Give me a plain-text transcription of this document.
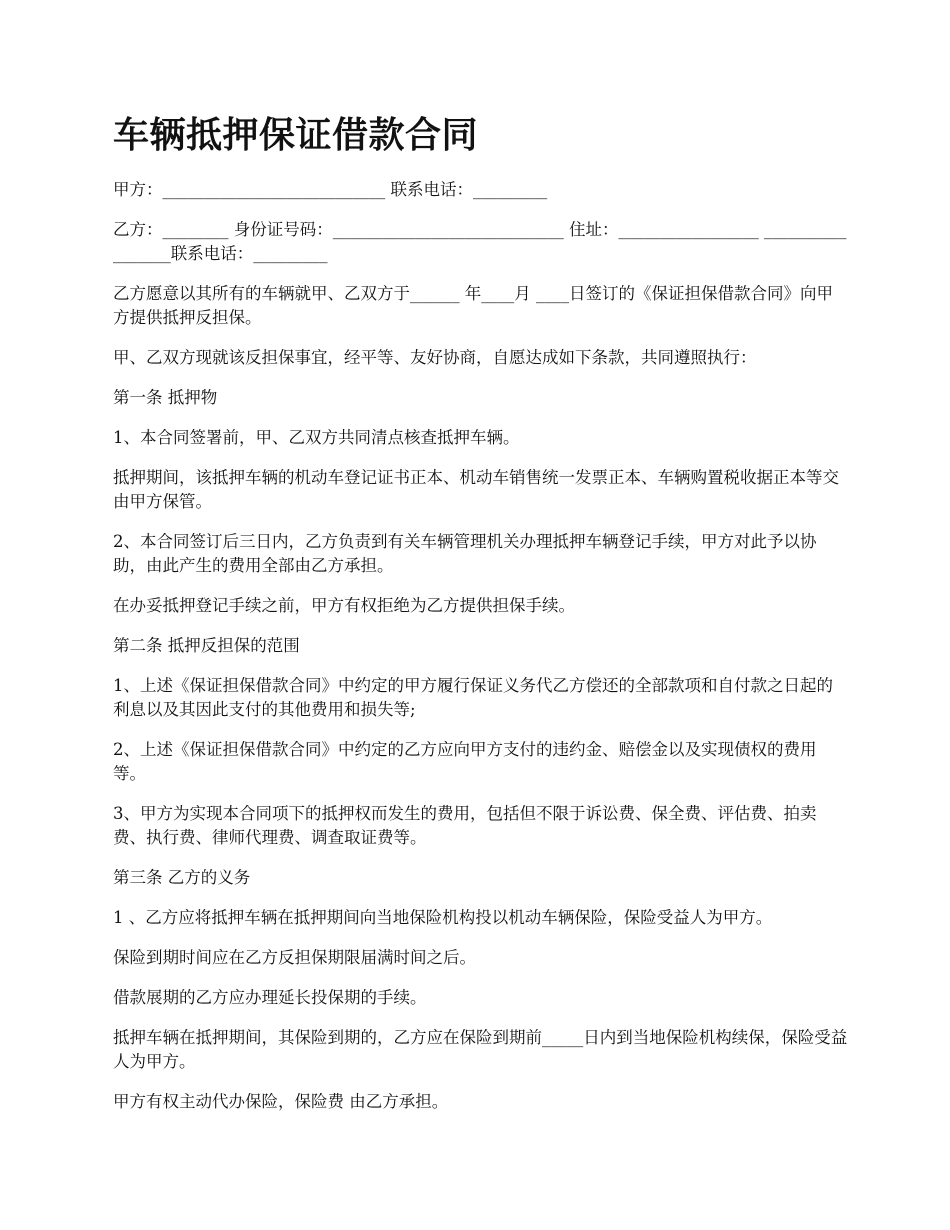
车辆抵押保证借款合同

甲方：___________________________ 联系电话：_________

乙方：________ 身份证号码：____________________________ 住址：_________________ _________________联系电话：_________

乙方愿意以其所有的车辆就甲、乙双方于______ 年____月 ____日签订的《保证担保借款合同》向甲方提供抵押反担保。

甲、乙双方现就该反担保事宜，经平等、友好协商，自愿达成如下条款，共同遵照执行：

第一条 抵押物

1、本合同签署前，甲、乙双方共同清点核查抵押车辆。

抵押期间，该抵押车辆的机动车登记证书正本、机动车销售统一发票正本、车辆购置税收据正本等交由甲方保管。

2、本合同签订后三日内，乙方负责到有关车辆管理机关办理抵押车辆登记手续，甲方对此予以协助，由此产生的费用全部由乙方承担。

在办妥抵押登记手续之前，甲方有权拒绝为乙方提供担保手续。

第二条 抵押反担保的范围

1、上述《保证担保借款合同》中约定的甲方履行保证义务代乙方偿还的全部款项和自付款之日起的利息以及其因此支付的其他费用和损失等;

2、上述《保证担保借款合同》中约定的乙方应向甲方支付的违约金、赔偿金以及实现债权的费用等。

3、甲方为实现本合同项下的抵押权而发生的费用，包括但不限于诉讼费、保全费、评估费、拍卖费、执行费、律师代理费、调查取证费等。

第三条 乙方的义务

1 、乙方应将抵押车辆在抵押期间向当地保险机构投以机动车辆保险，保险受益人为甲方。

保险到期时间应在乙方反担保期限届满时间之后。

借款展期的乙方应办理延长投保期的手续。

抵押车辆在抵押期间，其保险到期的，乙方应在保险到期前_____日内到当地保险机构续保，保险受益人为甲方。

甲方有权主动代办保险，保险费 由乙方承担。
